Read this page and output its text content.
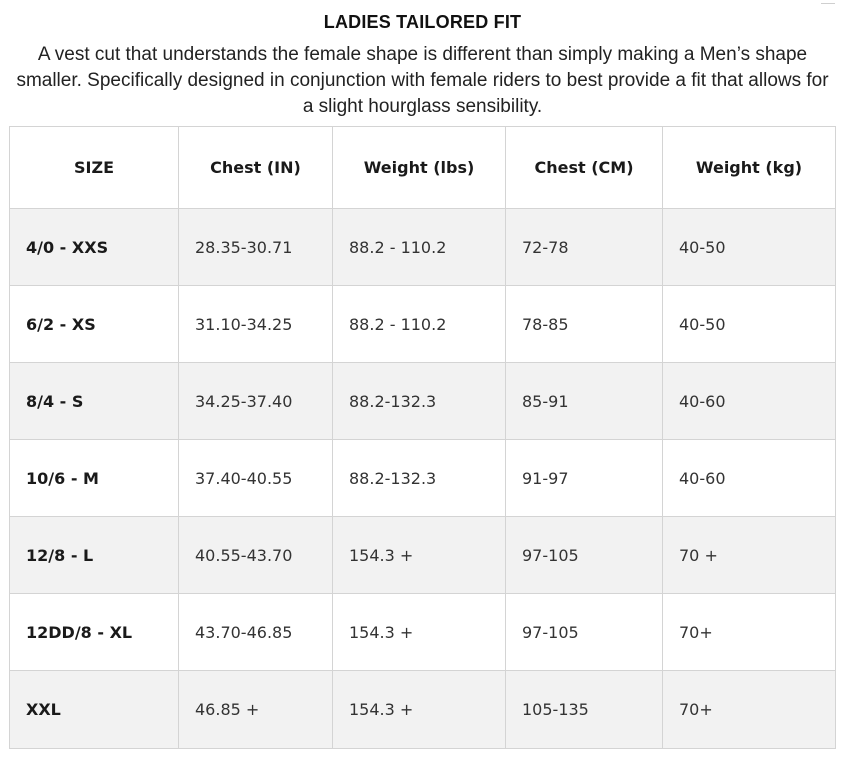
LADIES TAILORED FIT
A vest cut that understands the female shape is different than simply making a Men’s shape smaller. Specifically designed in conjunction with female riders to best provide a fit that allows for a slight hourglass sensibility.
SIZE	Chest (IN)	Weight (lbs)	Chest (CM)	Weight (kg)
4/0 - XXS	28.35-30.71	88.2 - 110.2	72-78	40-50
6/2 - XS	31.10-34.25	88.2 - 110.2	78-85	40-50
8/4 - S	34.25-37.40	88.2-132.3	85-91	40-60
10/6 - M	37.40-40.55	88.2-132.3	91-97	40-60
12/8 - L	40.55-43.70	154.3 +	97-105	70 +
12DD/8 - XL	43.70-46.85	154.3 +	97-105	70+
XXL	46.85 +	154.3 +	105-135	70+
